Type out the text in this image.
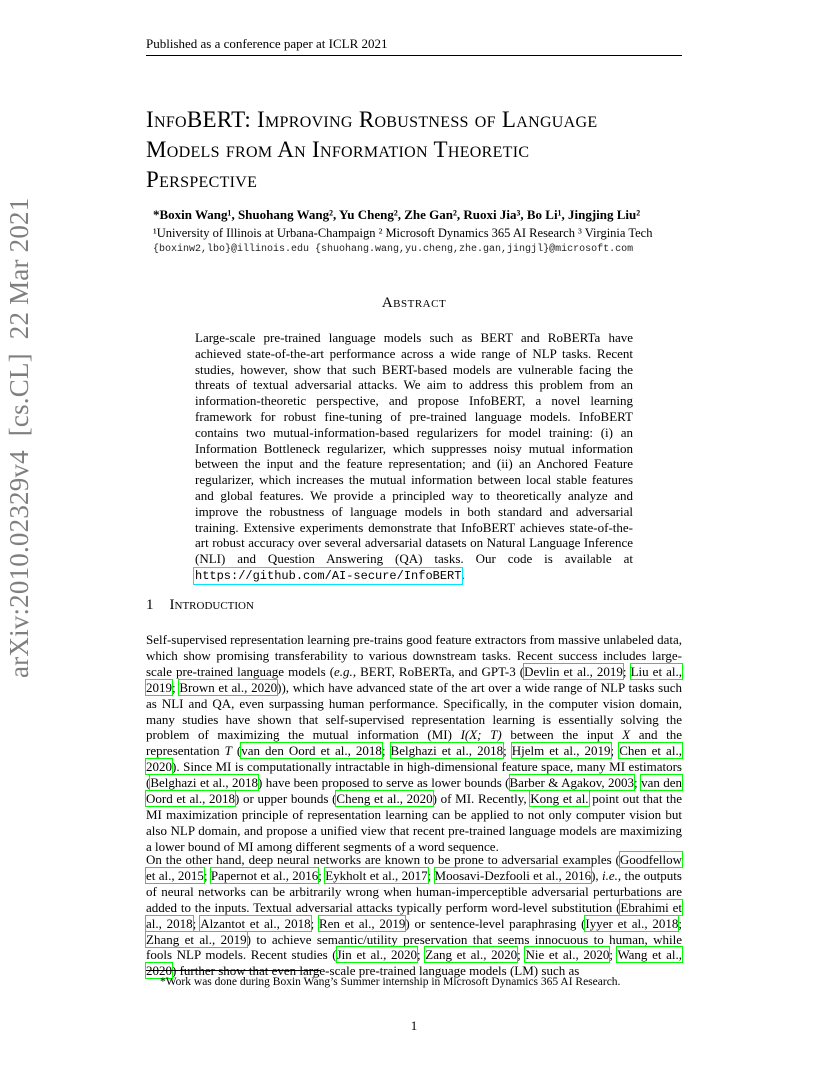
Published as a conference paper at ICLR 2021
arXiv:2010.02329v4  [cs.CL]  22 Mar 2021
InfoBERT: Improving Robustness of Language
Models from An Information Theoretic
Perspective
*Boxin Wang¹, Shuohang Wang², Yu Cheng², Zhe Gan², Ruoxi Jia³, Bo Li¹, Jingjing Liu²
¹University of Illinois at Urbana-Champaign ² Microsoft Dynamics 365 AI Research ³ Virginia Tech
{boxinw2,lbo}@illinois.edu {shuohang.wang,yu.cheng,zhe.gan,jingjl}@microsoft.com
Abstract
Large-scale pre-trained language models such as BERT and RoBERTa have achieved state-of-the-art performance across a wide range of NLP tasks. Recent studies, however, show that such BERT-based models are vulnerable facing the threats of textual adversarial attacks. We aim to address this problem from an information-theoretic perspective, and propose InfoBERT, a novel learning framework for robust fine-tuning of pre-trained language models. InfoBERT contains two mutual-information-based regularizers for model training: (i) an Information Bottleneck regularizer, which suppresses noisy mutual information between the input and the feature representation; and (ii) an Anchored Feature regularizer, which increases the mutual information between local stable features and global features. We provide a principled way to theoretically analyze and improve the robustness of language models in both standard and adversarial training. Extensive experiments demonstrate that InfoBERT achieves state-of-the-art robust accuracy over several adversarial datasets on Natural Language Inference (NLI) and Question Answering (QA) tasks. Our code is available at https://github.com/AI-secure/InfoBERT.
1 Introduction
Self-supervised representation learning pre-trains good feature extractors from massive unlabeled data, which show promising transferability to various downstream tasks. Recent success includes large-scale pre-trained language models (e.g., BERT, RoBERTa, and GPT-3 (Devlin et al., 2019; Liu et al., 2019; Brown et al., 2020)), which have advanced state of the art over a wide range of NLP tasks such as NLI and QA, even surpassing human performance. Specifically, in the computer vision domain, many studies have shown that self-supervised representation learning is essentially solving the problem of maximizing the mutual information (MI) I(X; T) between the input X and the representation T (van den Oord et al., 2018; Belghazi et al., 2018; Hjelm et al., 2019; Chen et al., 2020). Since MI is computationally intractable in high-dimensional feature space, many MI estimators (Belghazi et al., 2018) have been proposed to serve as lower bounds (Barber & Agakov, 2003; van den Oord et al., 2018) or upper bounds (Cheng et al., 2020) of MI. Recently, Kong et al. point out that the MI maximization principle of representation learning can be applied to not only computer vision but also NLP domain, and propose a unified view that recent pre-trained language models are maximizing a lower bound of MI among different segments of a word sequence.
On the other hand, deep neural networks are known to be prone to adversarial examples (Goodfellow et al., 2015; Papernot et al., 2016; Eykholt et al., 2017; Moosavi-Dezfooli et al., 2016), i.e., the outputs of neural networks can be arbitrarily wrong when human-imperceptible adversarial perturbations are added to the inputs. Textual adversarial attacks typically perform word-level substitution (Ebrahimi et al., 2018; Alzantot et al., 2018; Ren et al., 2019) or sentence-level paraphrasing (Iyyer et al., 2018; Zhang et al., 2019) to achieve semantic/utility preservation that seems innocuous to human, while fools NLP models. Recent studies (Jin et al., 2020; Zang et al., 2020; Nie et al., 2020; Wang et al., 2020) further show that even large-scale pre-trained language models (LM) such as
*Work was done during Boxin Wang’s Summer internship in Microsoft Dynamics 365 AI Research.
1
